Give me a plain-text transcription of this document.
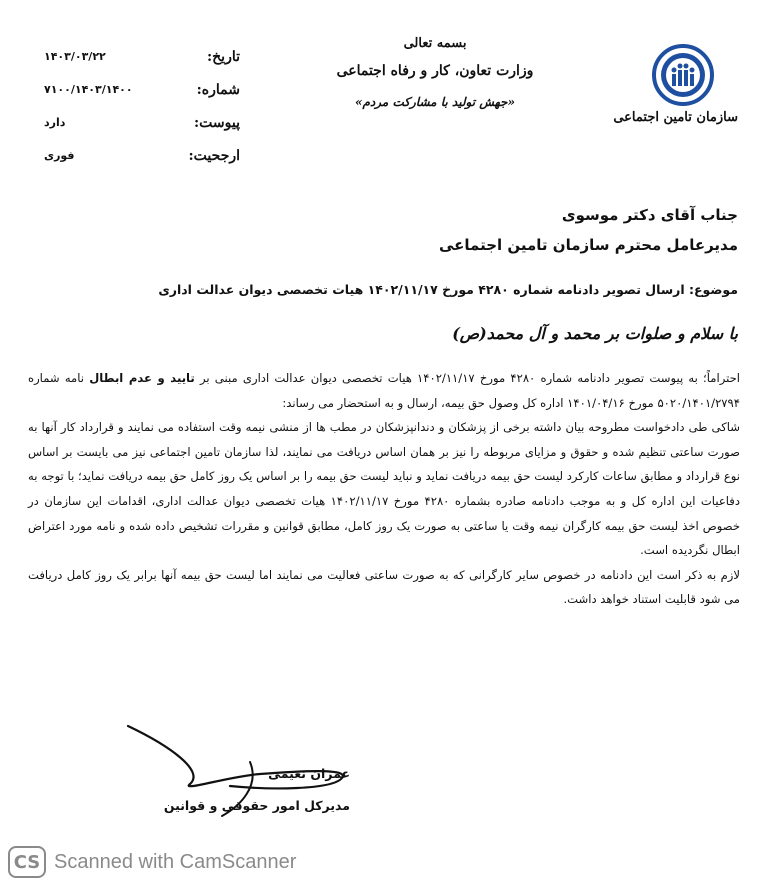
سازمان تامین اجتماعی
بسمه تعالی
وزارت تعاون، کار و رفاه اجتماعی
«جهش تولید با مشارکت مردم»
تاریخ:
۱۴۰۳/۰۳/۲۲
شماره:
۷۱۰۰/۱۴۰۳/۱۴۰۰
پیوست:
دارد
ارجحیت:
فوری
جناب آقای دکتر موسوی
مدیرعامل محترم سازمان تامین اجتماعی
موضوع: ارسال تصویر دادنامه شماره ۴۲۸۰ مورخ ۱۴۰۲/۱۱/۱۷ هیات تخصصی دیوان عدالت اداری
با سلام و صلوات بر محمد و آل محمد(ص)

احتراماً؛ به پیوست تصویر دادنامه شماره ۴۲۸۰ مورخ ۱۴۰۲/۱۱/۱۷ هیات تخصصی دیوان عدالت اداری مبنی بر تایید و عدم ابطال نامه شماره ۵۰۲۰/۱۴۰۱/۲۷۹۴ مورخ ۱۴۰۱/۰۴/۱۶ اداره کل وصول حق بیمه، ارسال و به استحضار می رساند:

شاکی طی دادخواست مطروحه بیان داشته برخی از پزشکان و دندانپزشکان در مطب ها از منشی نیمه وقت استفاده می نمایند و قرارداد کار آنها به صورت ساعتی تنظیم شده و حقوق و مزایای مربوطه را نیز بر همان اساس دریافت می نمایند، لذا سازمان تامین اجتماعی نیز می بایست بر اساس نوع قرارداد و مطابق ساعات کارکرد لیست حق بیمه دریافت نماید و نباید لیست حق بیمه را بر اساس یک روز کامل حق بیمه دریافت نماید؛ با توجه به دفاعیات این اداره کل و به موجب دادنامه صادره بشماره ۴۲۸۰ مورخ ۱۴۰۲/۱۱/۱۷ هیات تخصصی دیوان عدالت اداری، اقدامات این سازمان در خصوص اخذ لیست حق بیمه کارگران نیمه وقت یا ساعتی به صورت یک روز کامل، مطابق قوانین و مقررات تشخیص داده شده و نامه مورد اعتراض ابطال نگردیده است.

لازم به ذکر است این دادنامه در خصوص سایر کارگرانی که به صورت ساعتی فعالیت می نمایند اما لیست حق بیمه آنها برابر یک روز کامل دریافت می شود قابلیت استناد خواهد داشت.

عمران نعیمی
مدیرکل امور حقوقی و قوانین
CS Scanned with CamScanner
